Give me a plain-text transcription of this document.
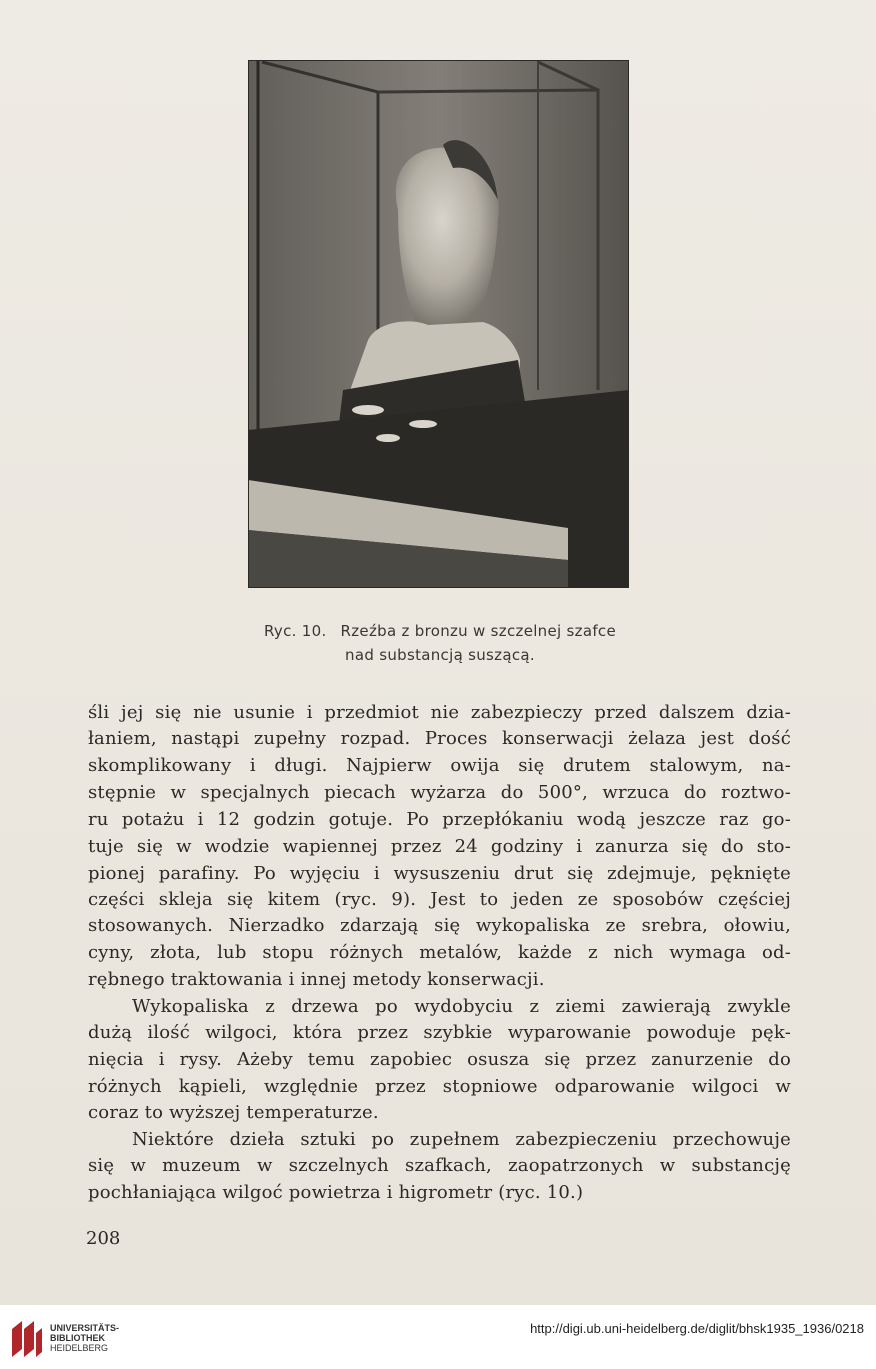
Ryc. 10. Rzeźba z bronzu w szczelnej szafce
nad substancją suszącą.
śli jej się nie usunie i przedmiot nie zabezpieczy przed dalszem dzia-
łaniem, nastąpi zupełny rozpad. Proces konserwacji żelaza jest dość
skomplikowany i długi. Najpierw owija się drutem stalowym, na-
stępnie w specjalnych piecach wyżarza do 500°, wrzuca do roztwo-
ru potażu i 12 godzin gotuje. Po przepłókaniu wodą jeszcze raz go-
tuje się w wodzie wapiennej przez 24 godziny i zanurza się do sto-
pionej parafiny. Po wyjęciu i wysuszeniu drut się zdejmuje, pęknięte
części skleja się kitem (ryc. 9). Jest to jeden ze sposobów częściej
stosowanych. Nierzadko zdarzają się wykopaliska ze srebra, ołowiu,
cyny, złota, lub stopu różnych metalów, każde z nich wymaga od-
rębnego traktowania i innej metody konserwacji.
Wykopaliska z drzewa po wydobyciu z ziemi zawierają zwykle
dużą ilość wilgoci, która przez szybkie wyparowanie powoduje pęk-
nięcia i rysy. Ażeby temu zapobiec osusza się przez zanurzenie do
różnych kąpieli, względnie przez stopniowe odparowanie wilgoci w
coraz to wyższej temperaturze.
Niektóre dzieła sztuki po zupełnem zabezpieczeniu przechowuje
się w muzeum w szczelnych szafkach, zaopatrzonych w substancję
pochłaniająca wilgoć powietrza i higrometr (ryc. 10.)
208
UNIVERSITÄTS-
BIBLIOTHEK
HEIDELBERG
http://digi.ub.uni-heidelberg.de/diglit/bhsk1935_1936/0218
